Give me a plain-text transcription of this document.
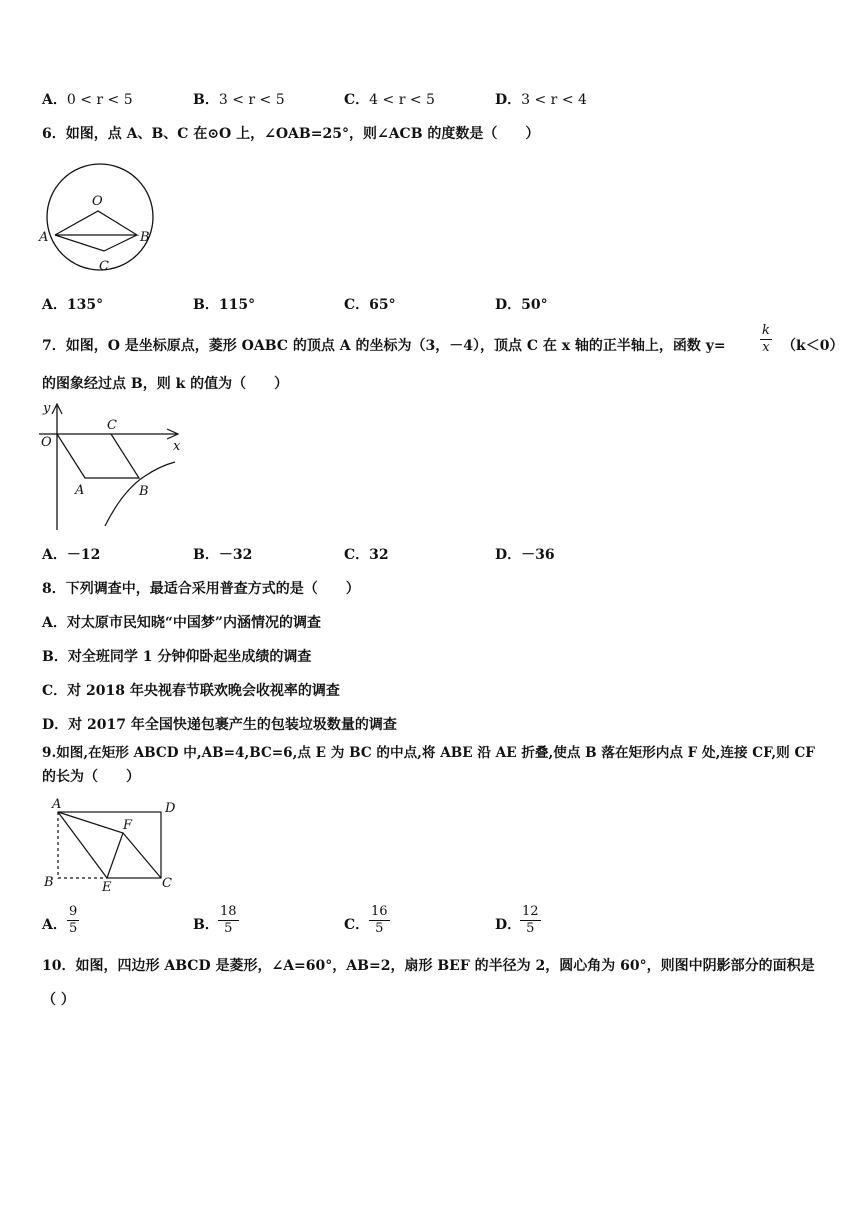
A．0 < r < 5	B．3 < r < 5	C．4 < r < 5	D．3 < r < 4
6．如图，点 A、B、C 在⊙O 上，∠OAB=25°，则∠ACB 的度数是（　　）
O
A	B
C
A．135°	B．115°	C．65°	D．50°
7．如图，O 是坐标原点，菱形 OABC 的顶点 A 的坐标为（3，－4），顶点 C 在 x 轴的正半轴上，函数 y=
k
x （k＜0）
的图象经过点 B，则 k 的值为（　　）
y
x
O
A	B
C
A．－12	B．－32	C．32	D．－36
8．下列调查中，最适合采用普查方式的是（　　）
A．对太原市民知晓“中国梦”内涵情况的调查
B．对全班同学 1 分钟仰卧起坐成绩的调查
C．对 2018 年央视春节联欢晚会收视率的调查
D．对 2017 年全国快递包裹产生的包装垃圾数量的调查
9.如图,在矩形 ABCD 中,AB=4,BC=6,点 E 为 BC 的中点,将 ABE 沿 AE 折叠,使点 B 落在矩形内点 F 处,连接 CF,则 CF
的长为（　　）
A	D
F
B	E	C
A．
9
5	B．
18
5	C．
16
5	D．
12
5
10．如图，四边形 ABCD 是菱形，∠A=60°，AB=2，扇形 BEF 的半径为 2，圆心角为 60°，则图中阴影部分的面积是
（ ）
